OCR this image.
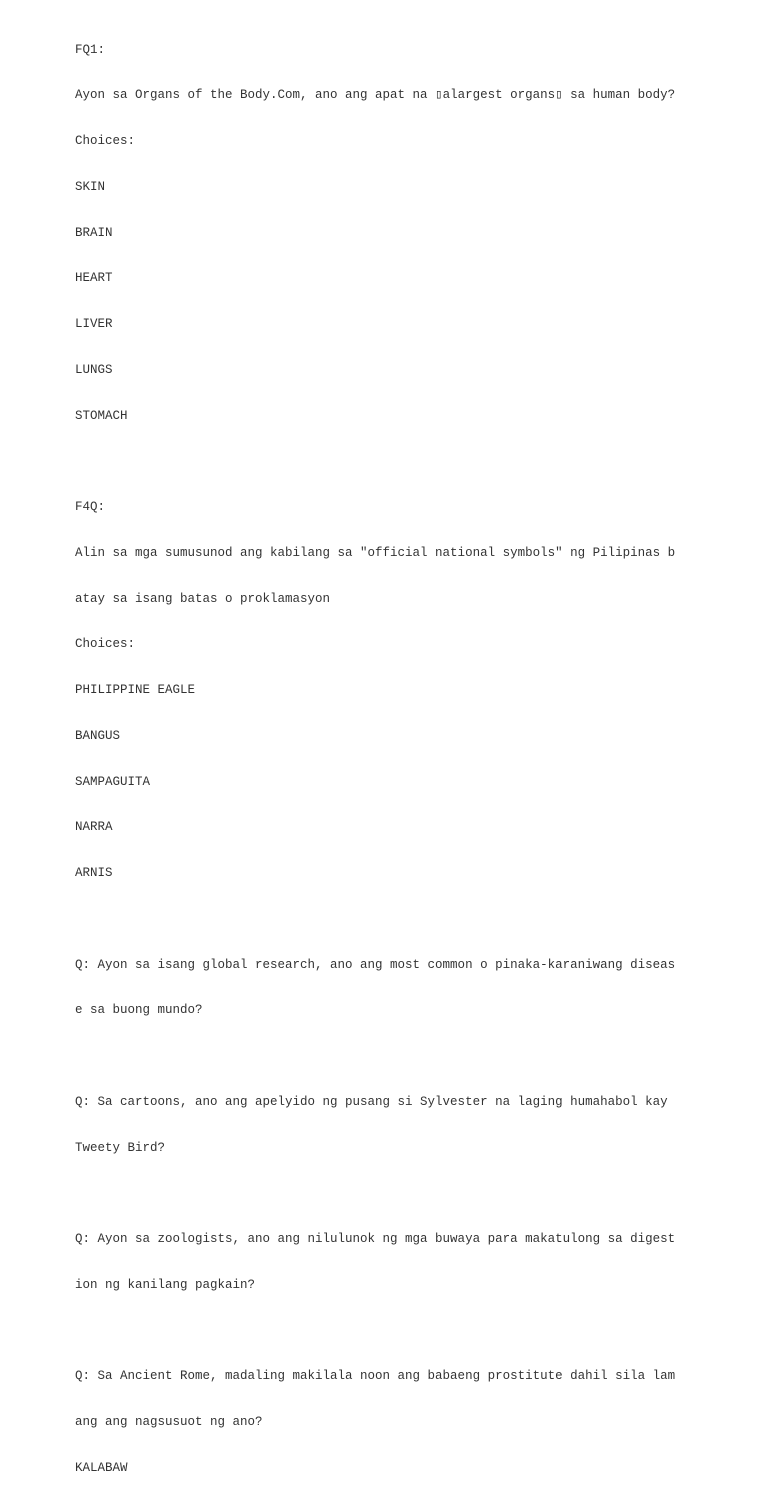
FQ1:

Ayon sa Organs of the Body.Com, ano ang apat na ▯alargest organs▯ sa human body?

Choices:

SKIN

BRAIN

HEART

LIVER

LUNGS

STOMACH

F4Q:

Alin sa mga sumusunod ang kabilang sa "official national symbols" ng Pilipinas b

atay sa isang batas o proklamasyon

Choices:

PHILIPPINE EAGLE

BANGUS

SAMPAGUITA

NARRA

ARNIS

Q: Ayon sa isang global research, ano ang most common o pinaka-karaniwang diseas

e sa buong mundo?

Q: Sa cartoons, ano ang apelyido ng pusang si Sylvester na laging humahabol kay

Tweety Bird?

Q: Ayon sa zoologists, ano ang nilulunok ng mga buwaya para makatulong sa digest

ion ng kanilang pagkain?

Q: Sa Ancient Rome, madaling makilala noon ang babaeng prostitute dahil sila lam

ang ang nagsusuot ng ano?

KALABAW
